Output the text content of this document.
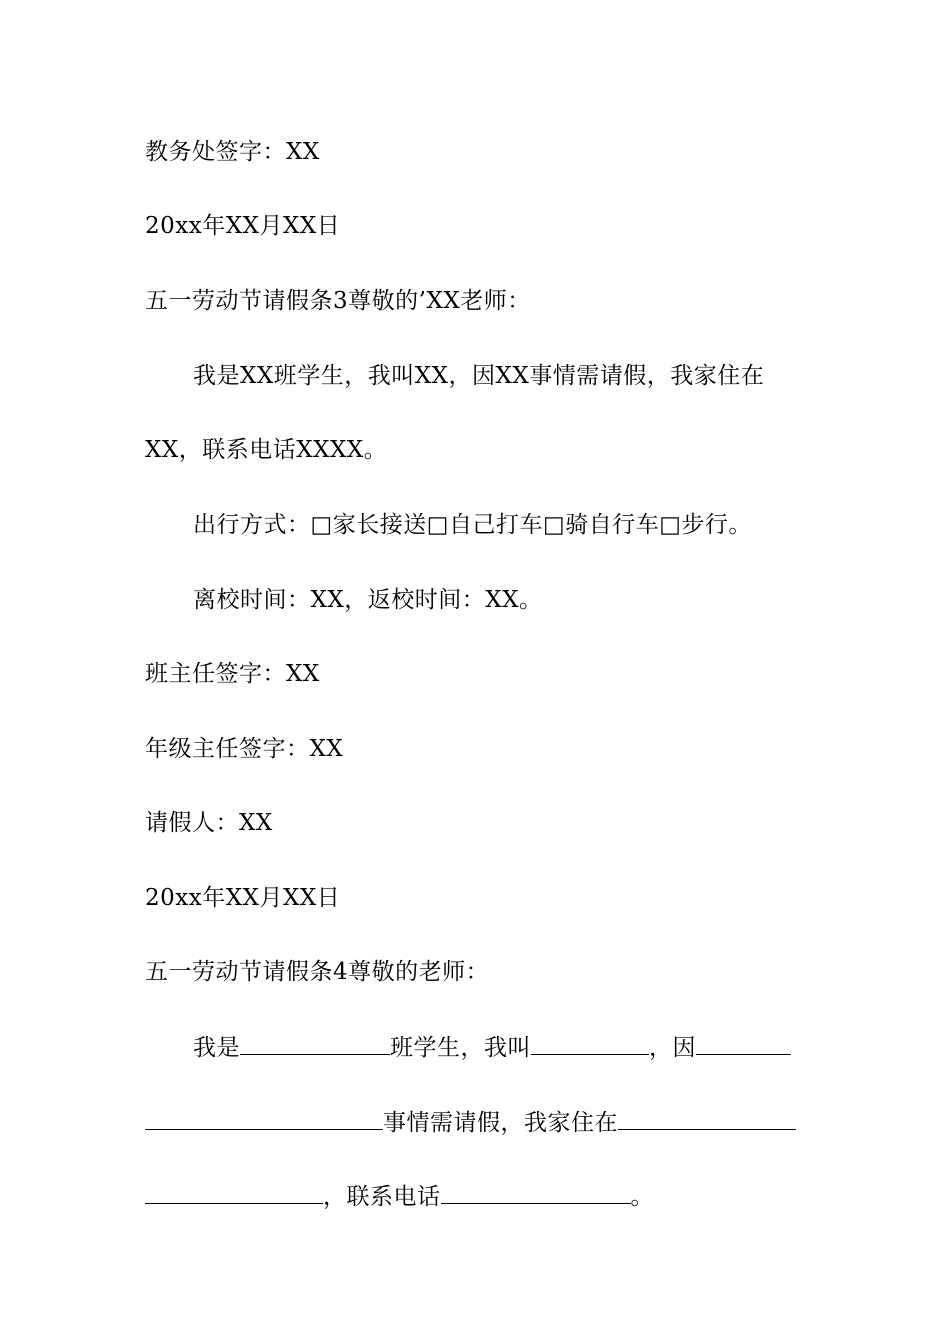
教务处签字：XX
20xx年XX月XX日
五一劳动节请假条3尊敬的’XX老师：
我是XX班学生，我叫XX，因XX事情需请假，我家住在
XX，联系电话XXXX。
出行方式：□家长接送□自己打车□骑自行车□步行。
离校时间：XX，返校时间：XX。
班主任签字：XX
年级主任签字：XX
请假人：XX
20xx年XX月XX日
五一劳动节请假条4尊敬的老师：
我是	班学生，我叫	，因
事情需请假，我家住在
，联系电话	。
